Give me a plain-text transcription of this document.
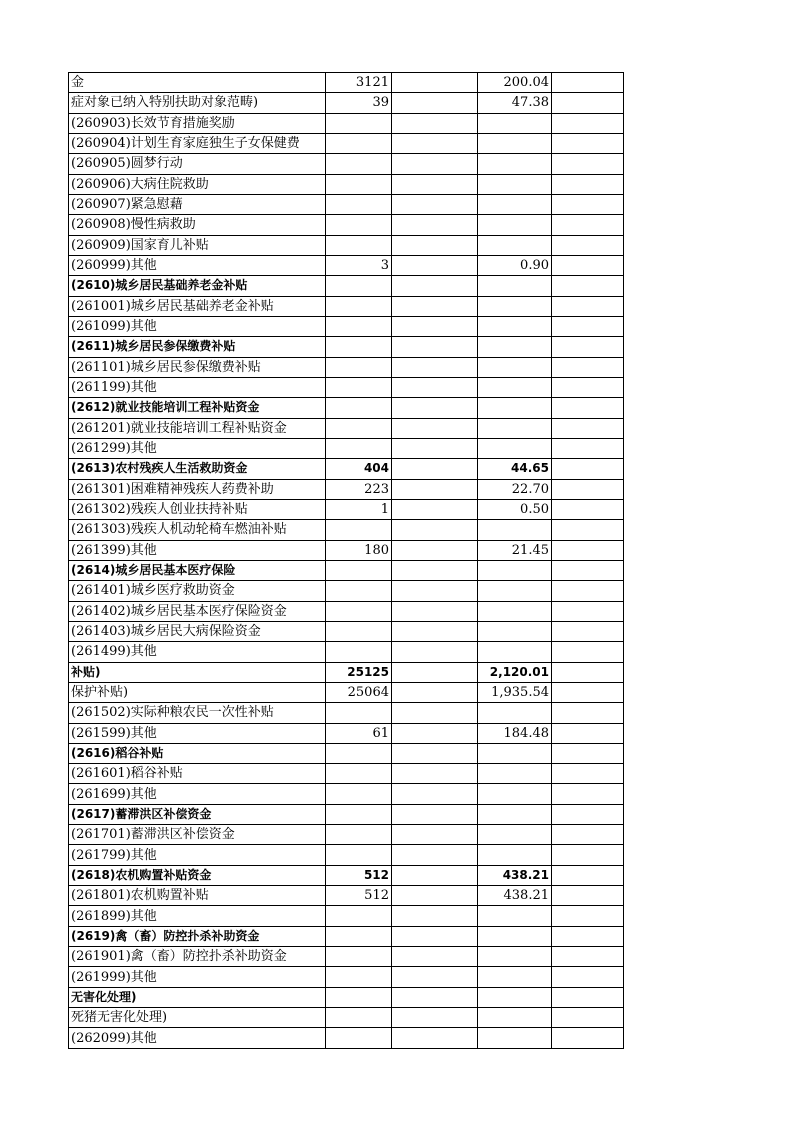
金	3121		200.04	
症对象已纳入特别扶助对象范畴)	39		47.38	
(260903)长效节育措施奖励				
(260904)计划生育家庭独生子女保健费				
(260905)圆梦行动				
(260906)大病住院救助				
(260907)紧急慰藉				
(260908)慢性病救助				
(260909)国家育儿补贴				
(260999)其他	3		0.90	
(2610)城乡居民基础养老金补贴				
(261001)城乡居民基础养老金补贴				
(261099)其他				
(2611)城乡居民参保缴费补贴				
(261101)城乡居民参保缴费补贴				
(261199)其他				
(2612)就业技能培训工程补贴资金				
(261201)就业技能培训工程补贴资金				
(261299)其他				
(2613)农村残疾人生活救助资金	404		44.65	
(261301)困难精神残疾人药费补助	223		22.70	
(261302)残疾人创业扶持补贴	1		0.50	
(261303)残疾人机动轮椅车燃油补贴				
(261399)其他	180		21.45	
(2614)城乡居民基本医疗保险				
(261401)城乡医疗救助资金				
(261402)城乡居民基本医疗保险资金				
(261403)城乡居民大病保险资金				
(261499)其他				
补贴)	25125		2,120.01	
保护补贴)	25064		1,935.54	
(261502)实际种粮农民一次性补贴				
(261599)其他	61		184.48	
(2616)稻谷补贴				
(261601)稻谷补贴				
(261699)其他				
(2617)蓄滞洪区补偿资金				
(261701)蓄滞洪区补偿资金				
(261799)其他				
(2618)农机购置补贴资金	512		438.21	
(261801)农机购置补贴	512		438.21	
(261899)其他				
(2619)禽（畜）防控扑杀补助资金				
(261901)禽（畜）防控扑杀补助资金				
(261999)其他				
无害化处理)				
死猪无害化处理)				
(262099)其他				
